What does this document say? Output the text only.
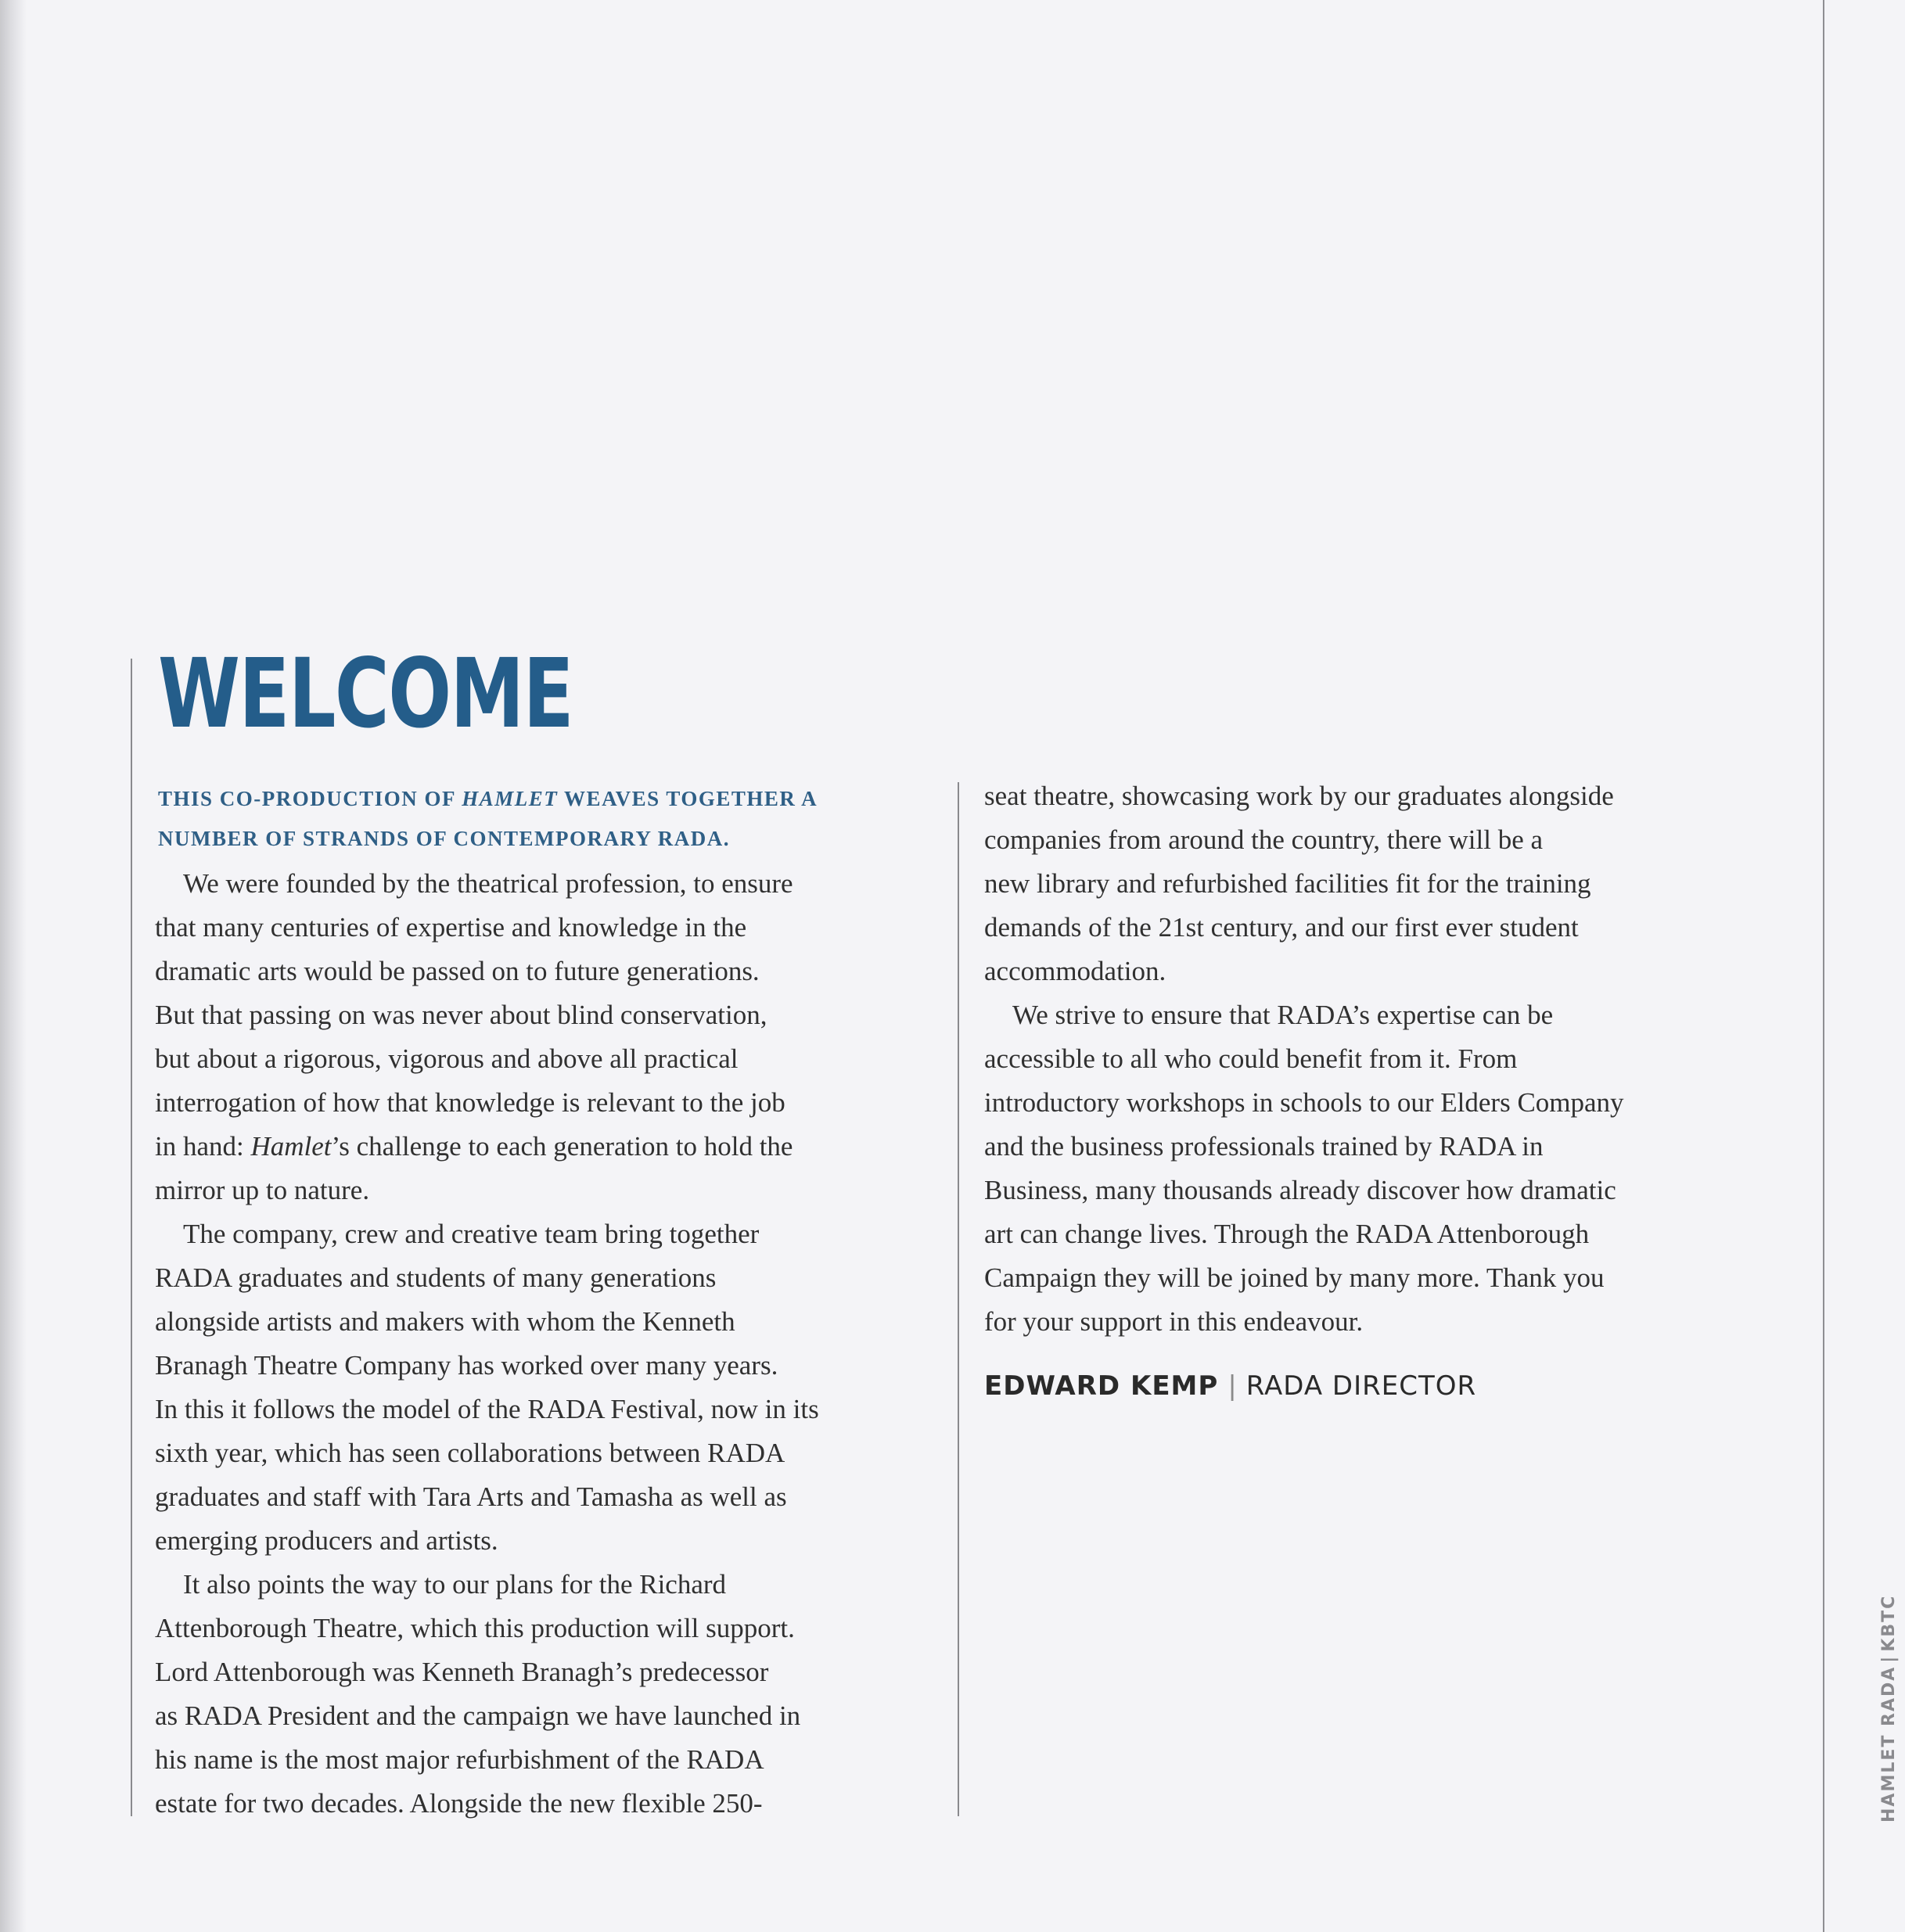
WELCOME

THIS CO-PRODUCTION OF HAMLET WEAVES TOGETHER A
NUMBER OF STRANDS OF CONTEMPORARY RADA.

We were founded by the theatrical profession, to ensure
that many centuries of expertise and knowledge in the
dramatic arts would be passed on to future generations.
But that passing on was never about blind conservation,
but about a rigorous, vigorous and above all practical
interrogation of how that knowledge is relevant to the job
in hand: Hamlet’s challenge to each generation to hold the
mirror up to nature.
The company, crew and creative team bring together
RADA graduates and students of many generations
alongside artists and makers with whom the Kenneth
Branagh Theatre Company has worked over many years.
In this it follows the model of the RADA Festival, now in its
sixth year, which has seen collaborations between RADA
graduates and staff with Tara Arts and Tamasha as well as
emerging producers and artists.
It also points the way to our plans for the Richard
Attenborough Theatre, which this production will support.
Lord Attenborough was Kenneth Branagh’s predecessor
as RADA President and the campaign we have launched in
his name is the most major refurbishment of the RADA
estate for two decades. Alongside the new flexible 250-
seat theatre, showcasing work by our graduates alongside
companies from around the country, there will be a
new library and refurbished facilities fit for the training
demands of the 21st century, and our first ever student
accommodation.
We strive to ensure that RADA’s expertise can be
accessible to all who could benefit from it. From
introductory workshops in schools to our Elders Company
and the business professionals trained by RADA in
Business, many thousands already discover how dramatic
art can change lives. Through the RADA Attenborough
Campaign they will be joined by many more. Thank you
for your support in this endeavour.
EDWARD KEMP | RADA DIRECTOR
HAMLET RADA|KBTC
